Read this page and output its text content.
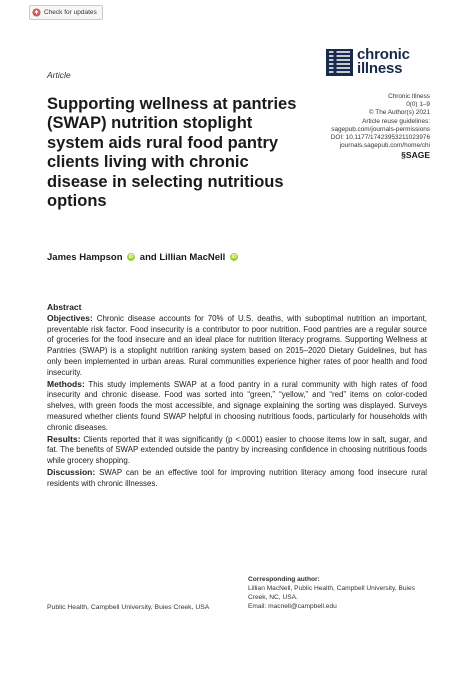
Check for updates
Article
chronic
illness
Chronic Illness
0(0) 1–9
© The Author(s) 2021
Article reuse guidelines:
sagepub.com/journals-permissions
DOI: 10.1177/17423953211023976
journals.sagepub.com/home/chi
§SAGE
Supporting wellness at pantries (SWAP) nutrition stoplight system aids rural food pantry clients living with chronic disease in selecting nutritious options
James Hampson iD and Lillian MacNell iD
Abstract

Objectives: Chronic disease accounts for 70% of U.S. deaths, with suboptimal nutrition an important, preventable risk factor. Food insecurity is a contributor to poor nutrition. Food pantries are a regular source of groceries for the food insecure and an ideal place for nutrition literacy programs. Supporting Wellness at Pantries (SWAP) is a stoplight nutrition ranking system based on 2015–2020 Dietary Guidelines, but has only been implemented in urban areas. Rural communities experience higher rates of poor health and food insecurity.

Methods: This study implements SWAP at a food pantry in a rural community with high rates of food insecurity and chronic disease. Food was sorted into “green,” “yellow,” and “red” items on color-coded shelves, with green foods the most accessible, and signage explaining the sorting was displayed. Surveys measured whether clients found SWAP helpful in choosing nutritious foods, particularly for households with chronic diseases.

Results: Clients reported that it was significantly (p <.0001) easier to choose items low in salt, sugar, and fat. The benefits of SWAP extended outside the pantry by increasing confidence in choosing nutritious foods while grocery shopping.

Discussion: SWAP can be an effective tool for improving nutrition literacy among food insecure rural residents with chronic illnesses.

Corresponding author:
Lillian MacNell, Public Health, Campbell University, Buies
Creek, NC, USA.
Email: macnell@campbell.edu
Public Health, Campbell University, Buies Creek, USA
